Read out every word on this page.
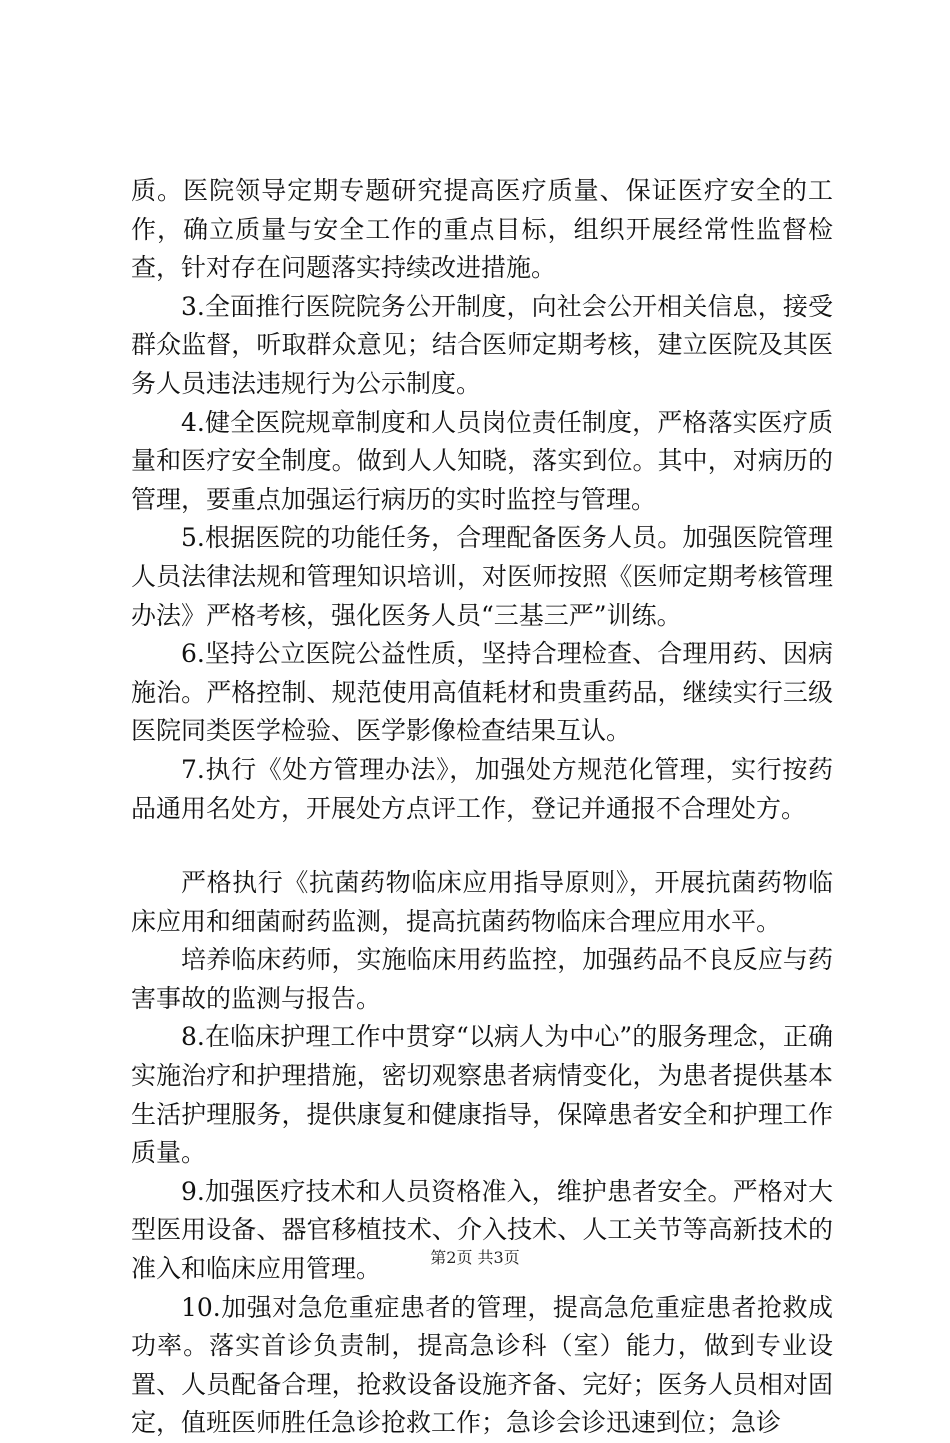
质。医院领导定期专题研究提高医疗质量、保证医疗安全的工作，确立质量与安全工作的重点目标，组织开展经常性监督检查，针对存在问题落实持续改进措施。

3.全面推行医院院务公开制度，向社会公开相关信息，接受群众监督，听取群众意见；结合医师定期考核，建立医院及其医务人员违法违规行为公示制度。

4.健全医院规章制度和人员岗位责任制度，严格落实医疗质量和医疗安全制度。做到人人知晓，落实到位。其中，对病历的管理，要重点加强运行病历的实时监控与管理。

5.根据医院的功能任务，合理配备医务人员。加强医院管理人员法律法规和管理知识培训，对医师按照《医师定期考核管理办法》严格考核，强化医务人员“三基三严”训练。

6.坚持公立医院公益性质，坚持合理检查、合理用药、因病施治。严格控制、规范使用高值耗材和贵重药品，继续实行三级医院同类医学检验、医学影像检查结果互认。

7.执行《处方管理办法》，加强处方规范化管理，实行按药品通用名处方，开展处方点评工作，登记并通报不合理处方。

严格执行《抗菌药物临床应用指导原则》，开展抗菌药物临床应用和细菌耐药监测，提高抗菌药物临床合理应用水平。

培养临床药师，实施临床用药监控，加强药品不良反应与药害事故的监测与报告。

8.在临床护理工作中贯穿“以病人为中心”的服务理念，正确实施治疗和护理措施，密切观察患者病情变化，为患者提供基本生活护理服务，提供康复和健康指导，保障患者安全和护理工作质量。

9.加强医疗技术和人员资格准入，维护患者安全。严格对大型医用设备、器官移植技术、介入技术、人工关节等高新技术的准入和临床应用管理。

10.加强对急危重症患者的管理，提高急危重症患者抢救成功率。落实首诊负责制，提高急诊科（室）能力，做到专业设置、人员配备合理，抢救设备设施齐备、完好；医务人员相对固定，值班医师胜任急诊抢救工作；急诊会诊迅速到位；急诊

第2页 共3页
